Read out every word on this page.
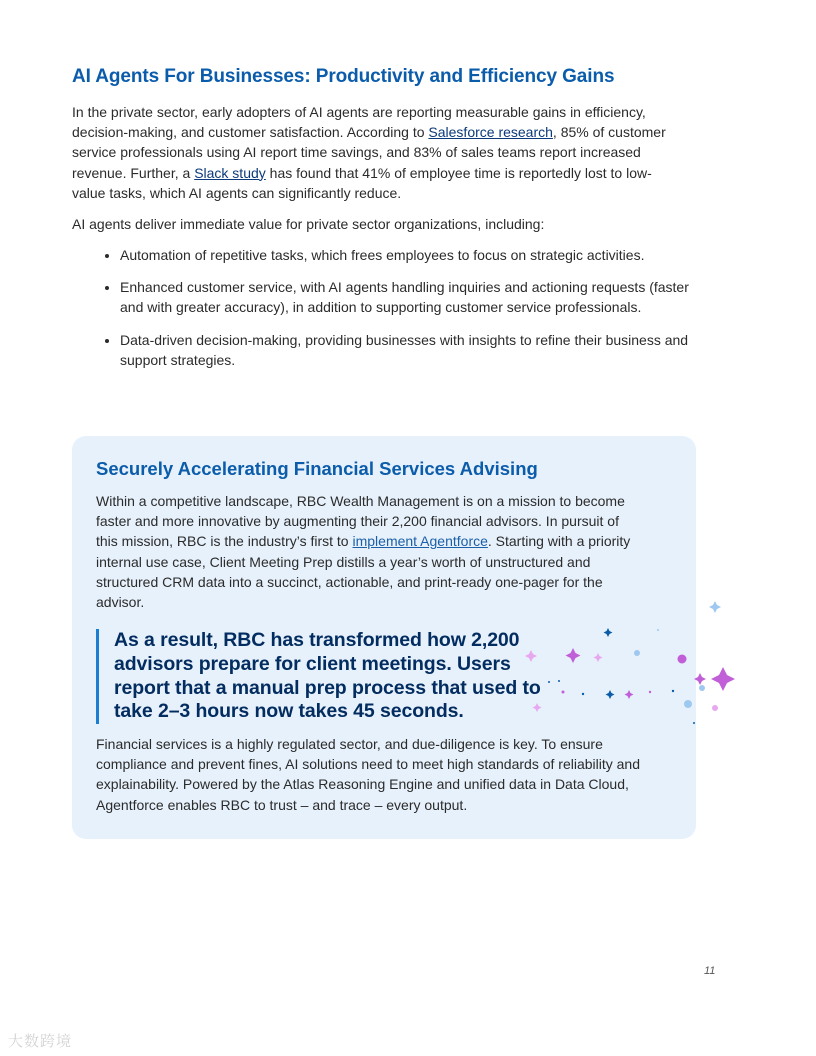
AI Agents For Businesses: Productivity and Efficiency Gains

In the private sector, early adopters of AI agents are reporting measurable gains in efficiency, decision-making, and customer satisfaction. According to Salesforce research, 85% of customer service professionals using AI report time savings, and 83% of sales teams report increased revenue. Further, a Slack study has found that 41% of employee time is reportedly lost to low-value tasks, which AI agents can significantly reduce.

AI agents deliver immediate value for private sector organizations, including:

• Automation of repetitive tasks, which frees employees to focus on strategic activities.
• Enhanced customer service, with AI agents handling inquiries and actioning requests (faster and with greater accuracy), in addition to supporting customer service professionals.
• Data-driven decision-making, providing businesses with insights to refine their business and support strategies.
Securely Accelerating Financial Services Advising

Within a competitive landscape, RBC Wealth Management is on a mission to become faster and more innovative by augmenting their 2,200 financial advisors. In pursuit of this mission, RBC is the industry’s first to implement Agentforce. Starting with a priority internal use case, Client Meeting Prep distills a year’s worth of unstructured and structured CRM data into a succinct, actionable, and print-ready one-pager for the advisor.

As a result, RBC has transformed how 2,200 advisors prepare for client meetings. Users report that a manual prep process that used to take 2–3 hours now takes 45 seconds.

Financial services is a highly regulated sector, and due-diligence is key. To ensure compliance and prevent fines, AI solutions need to meet high standards of reliability and explainability. Powered by the Atlas Reasoning Engine and unified data in Data Cloud, Agentforce enables RBC to trust – and trace – every output.

11
大数跨境
